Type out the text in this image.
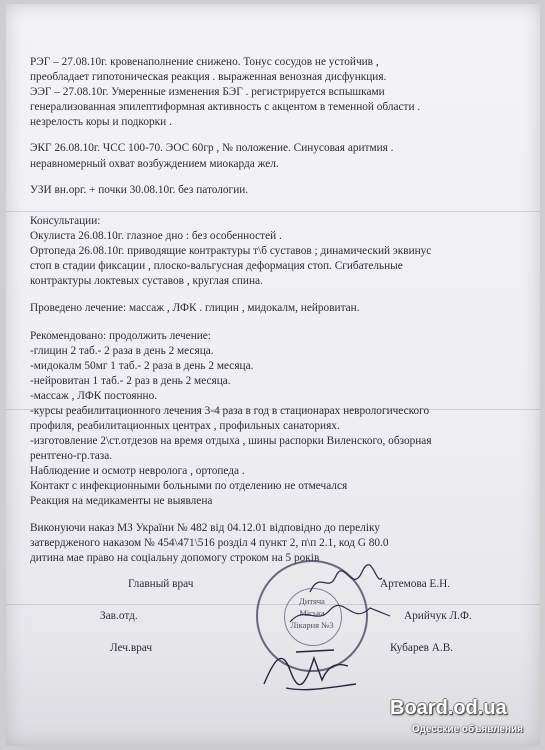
РЭГ – 27.08.10г. кровенаполнение снижено. Тонус сосудов не устойчив ,
преобладает гипотоническая реакция . выраженная венозная дисфункция.
ЭЭГ – 27.08.10г. Умеренные изменения БЭГ . регистрируется вспышками
генерализованная эпилептиформная активность с акцентом в теменной области .
незрелость коры и подкорки .
ЭКГ 26.08.10г. ЧСС 100-70. ЭОС 60гр , № положение. Синусовая аритмия .
неравномерный охват возбуждением миокарда жел.
УЗИ вн.орг. + почки 30.08.10г. без патологии.
Консультации:
Окулиста 26.08.10г. глазное дно : без особенностей .
Ортопеда 26.08.10г. приводящие контрактуры т\б суставов ; динамический эквинус
стоп в стадии фиксации , плоско-вальгусная деформация стоп. Сгибательные
контрактуры локтевых суставов , круглая спина.
Проведено лечение: массаж , ЛФК . глицин , мидокалм, нейровитан.
Рекомендовано: продолжить лечение:
-глицин 2 таб.- 2 раза в день 2 месяца.
-мидокалм 50мг 1 таб.- 2 раза в день 2 месяца.
-нейровитан 1 таб.- 2 раз в день 2 месяца.
-массаж , ЛФК постоянно.
-курсы реабилитационного лечения 3-4 раза в год в стационарах неврологического
профиля, реабилитационных центрах , профильных санаториях.
-изготовление 2\ст.отдезов на время отдыха , шины распорки Виленского, обзорная
рентгено-гр.таза.
Наблюдение и осмотр невролога , ортопеда .
Контакт с инфекционными больными по отделению не отмечался
Реакция на медикаменты не выявлена
Виконуючи наказ МЗ України № 482 від 04.12.01 відповідно до переліку
затвердженого наказом № 454\471\516 розділ 4 пункт 2, п\п 2.1, код G 80.0
дитина мае право на соціальну допомогу строком на 5 років
Главный врач	Артемова Е.Н.
Зав.отд.	Арийчук Л.Ф.
Леч.врач	Кубарев А.В.
Дитяча
Міська
Лікарня №3
Board.od.ua
Одесские объявления
